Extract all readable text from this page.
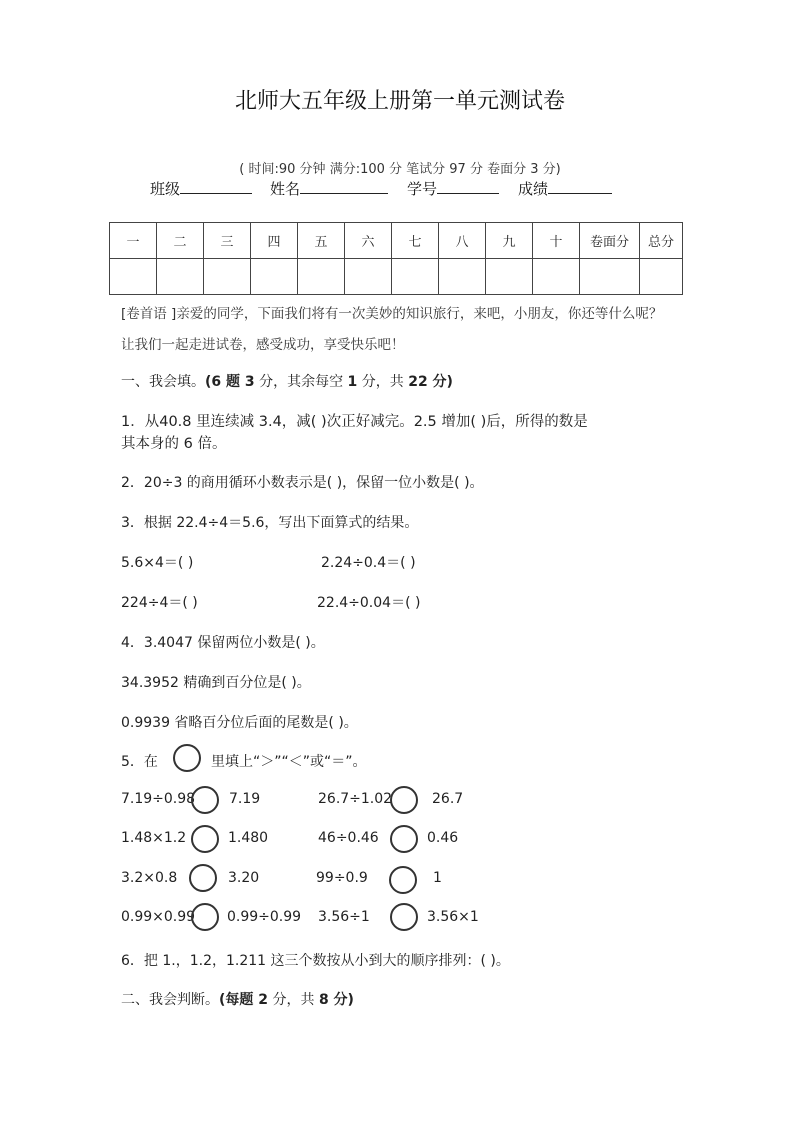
北师大五年级上册第一单元测试卷
( 时间:90 分钟 满分:100 分 笔试分 97 分 卷面分 3 分)
班级	姓名	学号	成绩
一	二	三	四	五	六	七	八	九	十	卷面分	总分

[卷首语 ]亲爱的同学，下面我们将有一次美妙的知识旅行，来吧，小朋友，你还等什么呢？
让我们一起走进试卷，感受成功，享受快乐吧！
一、我会填。(6 题 3 分，其余每空 1 分，共 22 分)
1．从40.8 里连续减 3.4，减( )次正好减完。2.5 增加( )后，所得的数是
其本身的 6 倍。
2．20÷3 的商用循环小数表示是( )，保留一位小数是( )。
3．根据 22.4÷4＝5.6，写出下面算式的结果。
5.6×4＝( )	2.24÷0.4＝( )
224÷4＝( )	22.4÷0.04＝( )
4．3.4047 保留两位小数是( )。
34.3952 精确到百分位是( )。
0.9939 省略百分位后面的尾数是( )。
5．在	里填上“＞”“＜”或“＝”。
7.19÷0.98 7.19	26.7÷1.02	26.7
1.48×1.2	1.480	46÷0.46	0.46
3.2×0.8	3.20	99÷0.9	1
0.99×0.99 0.99÷0.99 3.56÷1	3.56×1
6．把 1.，1.2，1.211 这三个数按从小到大的顺序排列：( )。
二、我会判断。(每题 2 分，共 8 分)
